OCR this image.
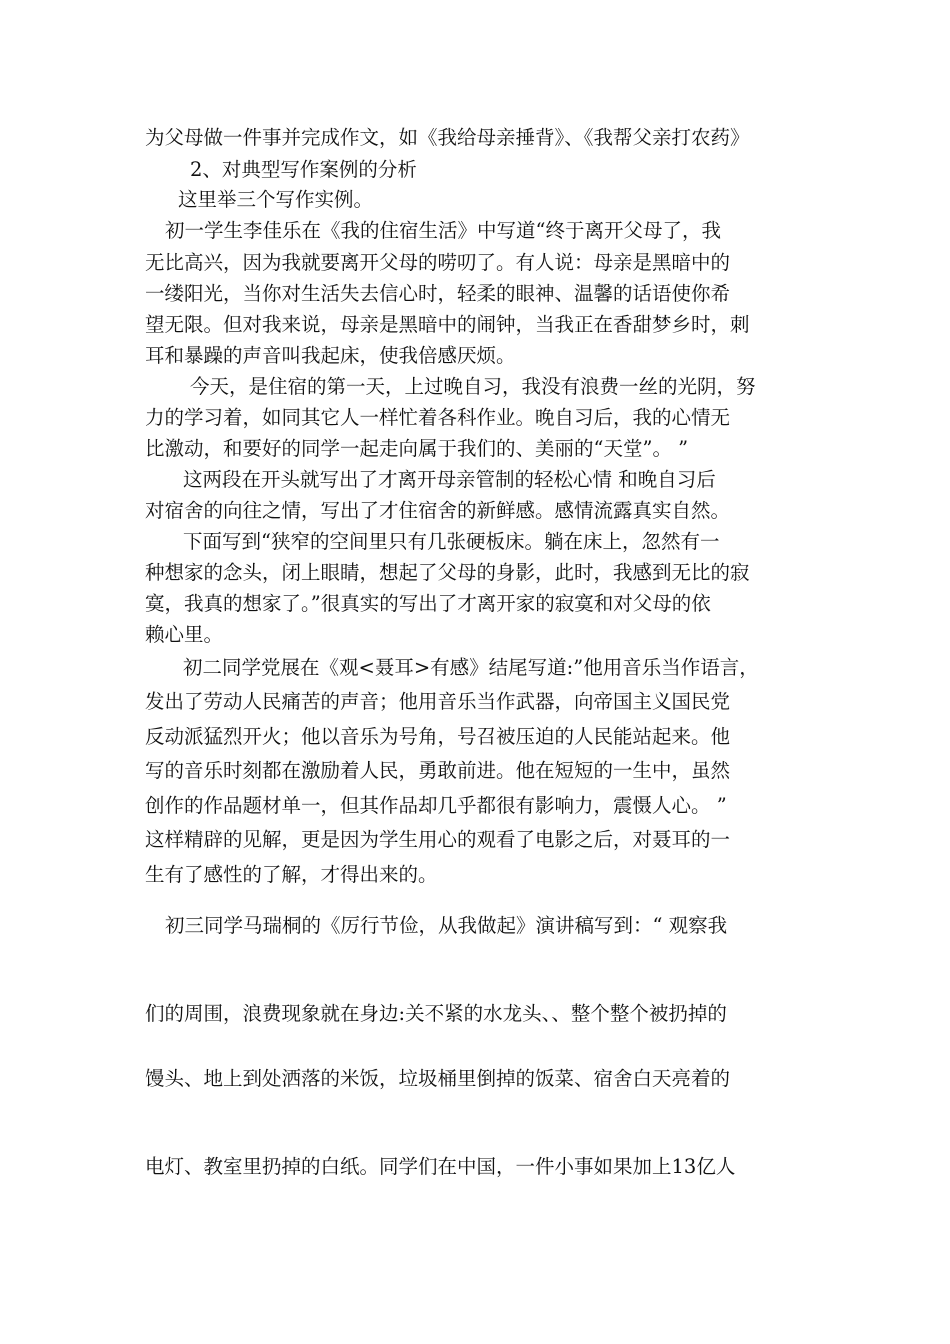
为父母做一件事并完成作文，如《我给母亲捶背》、《我帮父亲打农药》
2、对典型写作案例的分析
这里举三个写作实例。
初一学生李佳乐在《我的住宿生活》中写道“终于离开父母了，我
无比高兴，因为我就要离开父母的唠叨了。有人说：母亲是黑暗中的
一缕阳光，当你对生活失去信心时，轻柔的眼神、温馨的话语使你希
望无限。但对我来说，母亲是黑暗中的闹钟，当我正在香甜梦乡时，刺
耳和暴躁的声音叫我起床，使我倍感厌烦。
今天，是住宿的第一天，上过晚自习，我没有浪费一丝的光阴，努
力的学习着，如同其它人一样忙着各科作业。晚自习后，我的心情无
比激动，和要好的同学一起走向属于我们的、美丽的“天堂”。 ”
这两段在开头就写出了才离开母亲管制的轻松心情 和晚自习后
对宿舍的向往之情，写出了才住宿舍的新鲜感。感情流露真实自然。
下面写到“狭窄的空间里只有几张硬板床。躺在床上，忽然有一
种想家的念头，闭上眼睛，想起了父母的身影，此时，我感到无比的寂
寞，我真的想家了。”很真实的写出了才离开家的寂寞和对父母的依
赖心里。
初二同学党展在《观<聂耳>有感》结尾写道:”他用音乐当作语言，
发出了劳动人民痛苦的声音；他用音乐当作武器，向帝国主义国民党
反动派猛烈开火；他以音乐为号角，号召被压迫的人民能站起来。他
写的音乐时刻都在激励着人民，勇敢前进。他在短短的一生中，虽然
创作的作品题材单一，但其作品却几乎都很有影响力，震慑人心。 ”
这样精辟的见解，更是因为学生用心的观看了电影之后，对聂耳的一
生有了感性的了解，才得出来的。
初三同学马瑞桐的《厉行节俭，从我做起》演讲稿写到：“ 观察我
们的周围，浪费现象就在身边:关不紧的水龙头、、整个整个被扔掉的
馒头、地上到处洒落的米饭，垃圾桶里倒掉的饭菜、宿舍白天亮着的
电灯、教室里扔掉的白纸。同学们在中国，一件小事如果加上13亿人
